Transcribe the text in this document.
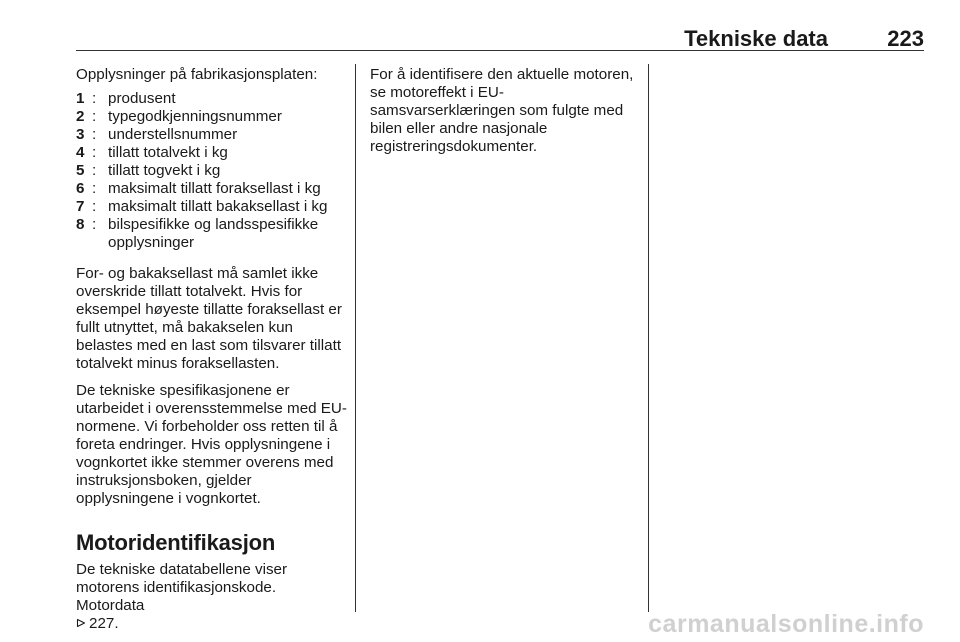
Tekniske data	223

Opplysninger på fabrikasjonsplaten:

1 : produsent
2 : typegodkjenningsnummer
3 : understellsnummer
4 : tillatt totalvekt i kg
5 : tillatt togvekt i kg
6 : maksimalt tillatt foraksellast i kg
7 : maksimalt tillatt bakaksellast i kg
8 : bilspesifikke og landsspesifikke opplysninger

For- og bakaksellast må samlet ikke overskride tillatt totalvekt. Hvis for eksempel høyeste tillatte foraksellast er fullt utnyttet, må bakakselen kun belastes med en last som tilsvarer tillatt totalvekt minus foraksellasten.

De tekniske spesifikasjonene er utarbeidet i overensstemmelse med EU-normene. Vi forbeholder oss retten til å foreta endringer. Hvis opplysningene i vognkortet ikke stemmer overens med instruksjonsboken, gjelder opplysningene i vognkortet.

Motoridentifikasjon

De tekniske datatabellene viser motorens identifikasjonskode. Motordata
227.

For å identifisere den aktuelle motoren, se motoreffekt i EU-samsvarserklæringen som fulgte med bilen eller andre nasjonale registreringsdokumenter.

carmanualsonline.info
